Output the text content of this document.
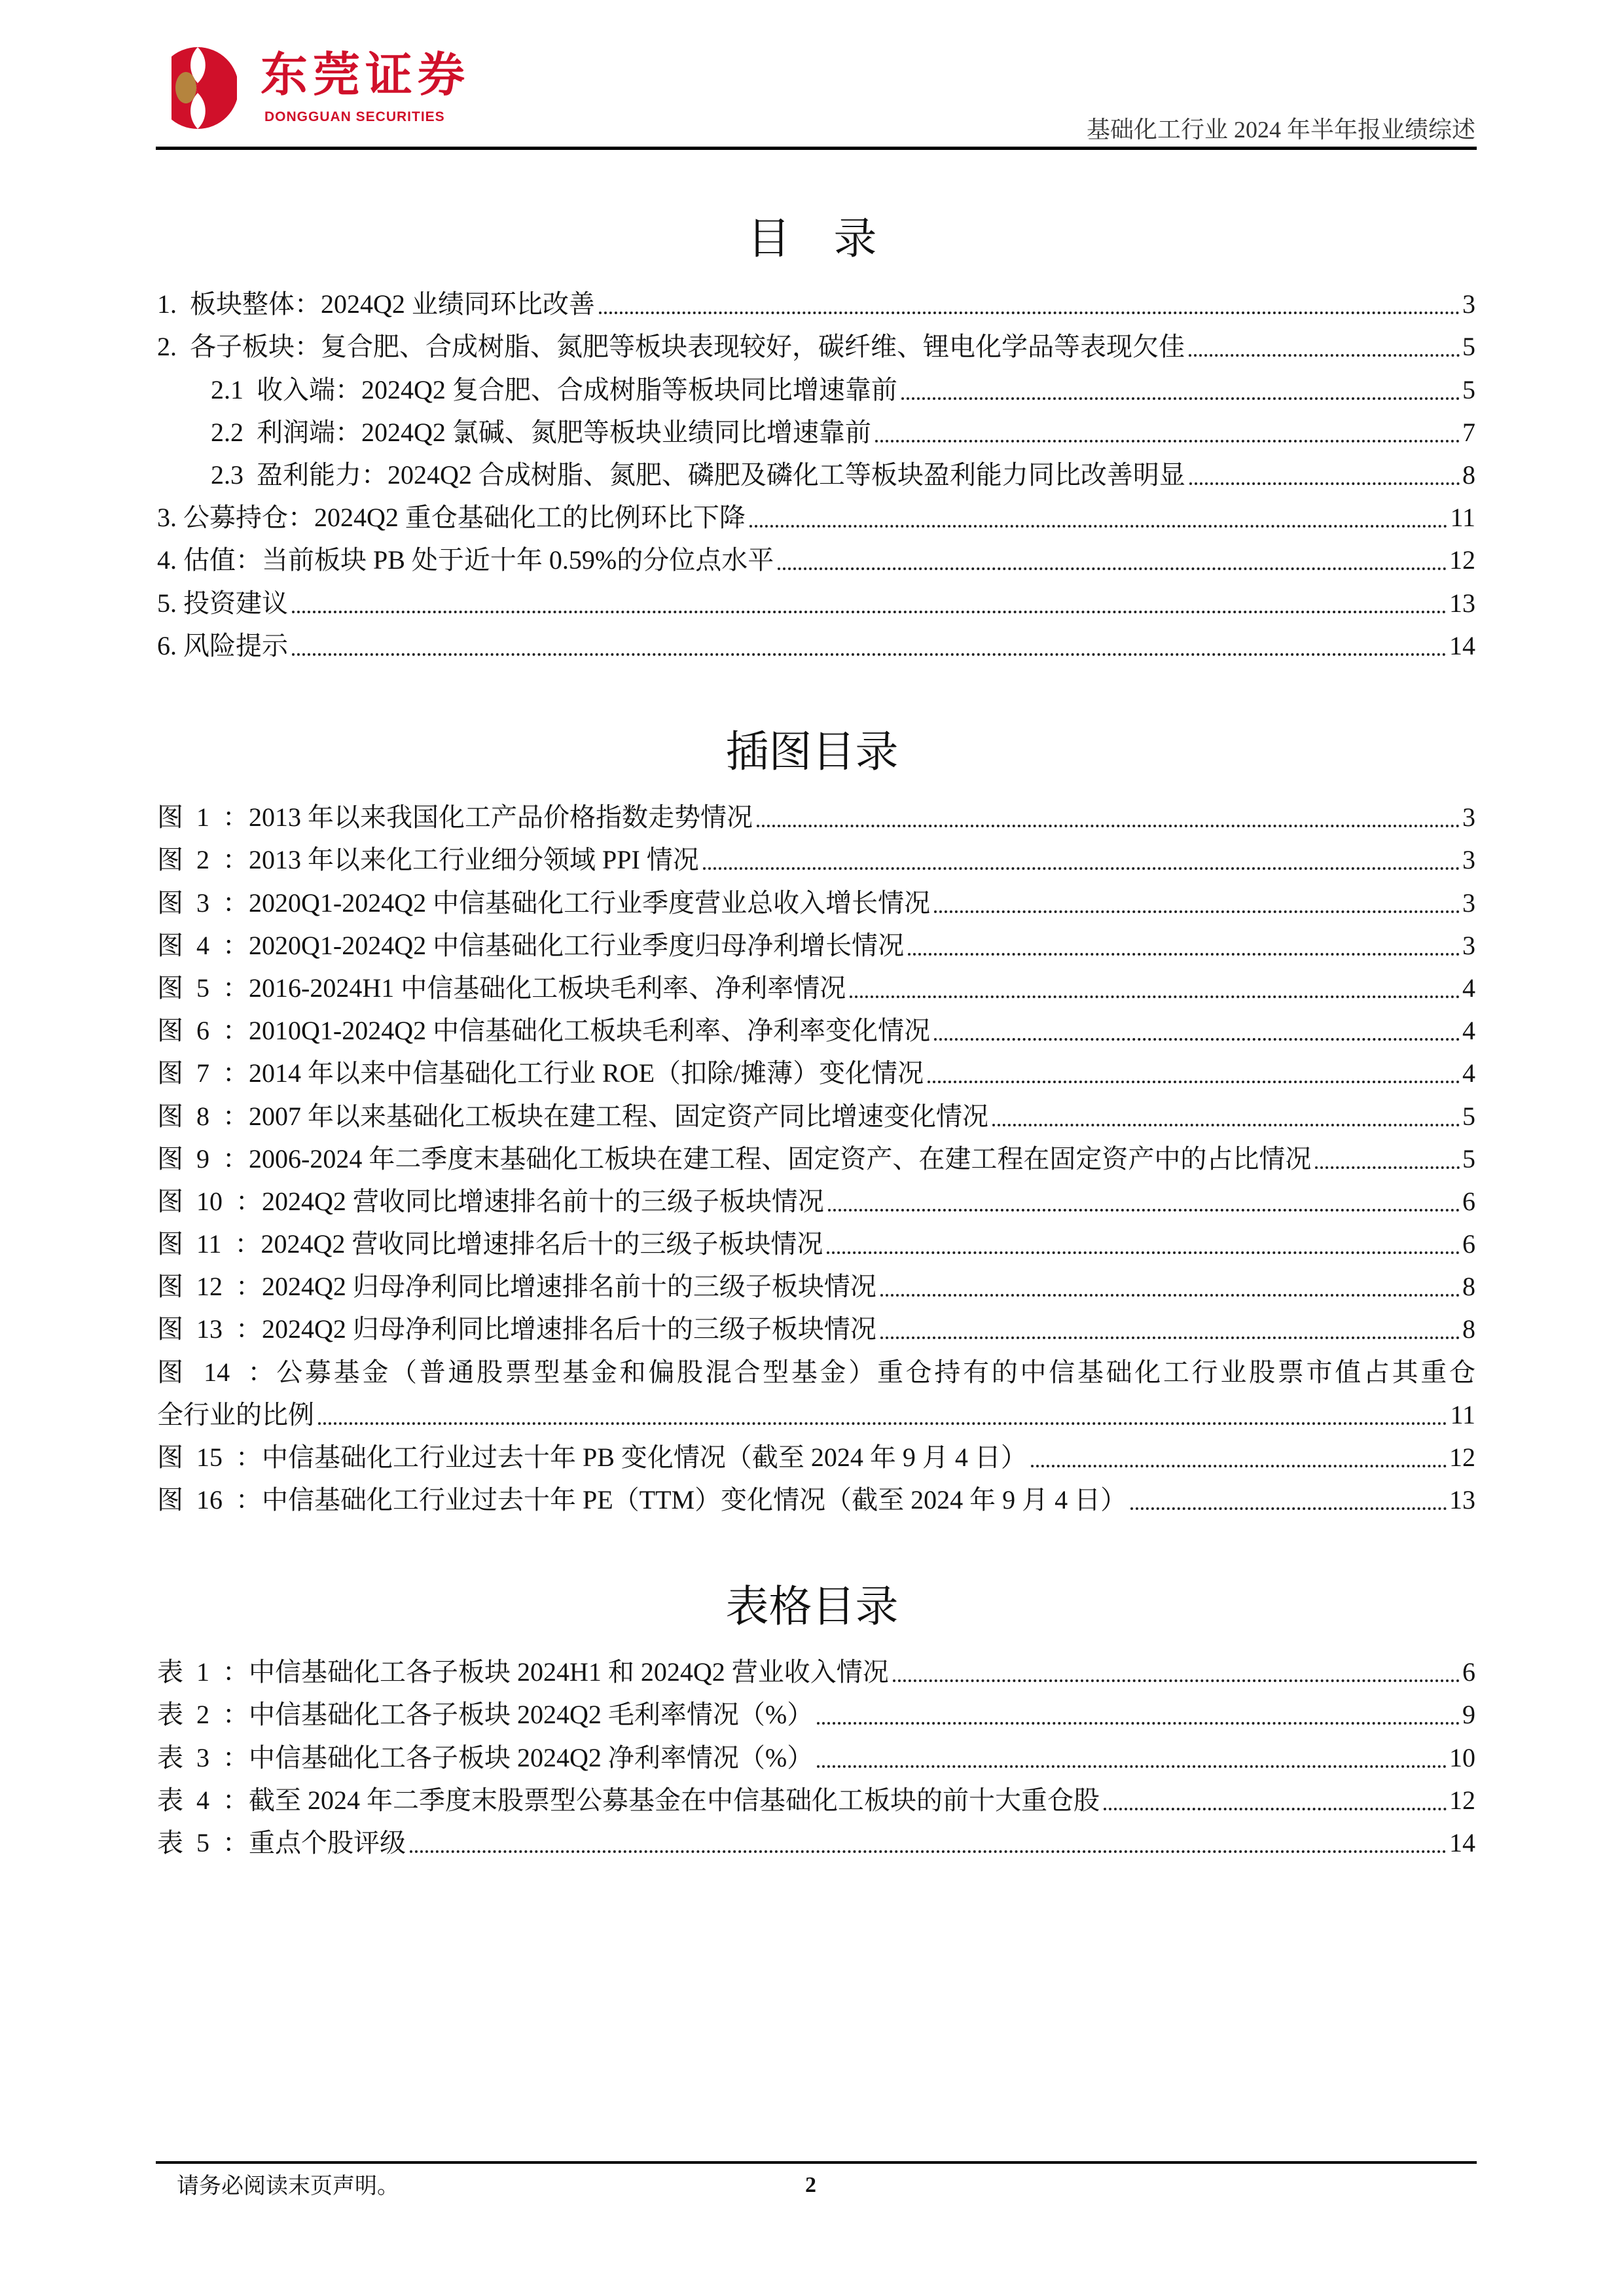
东莞证券
DONGGUAN SECURITIES	基础化工行业 2024 年半年报业绩综述
目　录
1.  板块整体：2024Q2 业绩同环比改善	3
2.  各子板块：复合肥、合成树脂、氮肥等板块表现较好，碳纤维、锂电化学品等表现欠佳	5
2.1  收入端：2024Q2 复合肥、合成树脂等板块同比增速靠前	5
2.2  利润端：2024Q2 氯碱、氮肥等板块业绩同比增速靠前	7
2.3  盈利能力：2024Q2 合成树脂、氮肥、磷肥及磷化工等板块盈利能力同比改善明显	8
3. 公募持仓：2024Q2 重仓基础化工的比例环比下降	11
4. 估值：当前板块 PB 处于近十年 0.59%的分位点水平	12
5. 投资建议	13
6. 风险提示	14
插图目录
图  1  ：2013 年以来我国化工产品价格指数走势情况	3
图  2  ：2013 年以来化工行业细分领域 PPI 情况	3
图  3  ：2020Q1-2024Q2 中信基础化工行业季度营业总收入增长情况	3
图  4  ：2020Q1-2024Q2 中信基础化工行业季度归母净利增长情况	3
图  5  ：2016-2024H1 中信基础化工板块毛利率、净利率情况	4
图  6  ：2010Q1-2024Q2 中信基础化工板块毛利率、净利率变化情况	4
图  7  ：2014 年以来中信基础化工行业 ROE（扣除/摊薄）变化情况	4
图  8  ：2007 年以来基础化工板块在建工程、固定资产同比增速变化情况	5
图  9  ：2006-2024 年二季度末基础化工板块在建工程、固定资产、在建工程在固定资产中的占比情况	5
图  10  ：2024Q2 营收同比增速排名前十的三级子板块情况	6
图  11  ：2024Q2 营收同比增速排名后十的三级子板块情况	6
图  12  ：2024Q2 归母净利同比增速排名前十的三级子板块情况	8
图  13  ：2024Q2 归母净利同比增速排名后十的三级子板块情况	8
图  14  ：公募基金（普通股票型基金和偏股混合型基金）重仓持有的中信基础化工行业股票市值占其重仓
全行业的比例	11
图  15  ：中信基础化工行业过去十年 PB 变化情况（截至 2024 年 9 月 4 日）	12
图  16  ：中信基础化工行业过去十年 PE（TTM）变化情况（截至 2024 年 9 月 4 日）	13
表格目录
表  1  ：中信基础化工各子板块 2024H1 和 2024Q2 营业收入情况	6
表  2  ：中信基础化工各子板块 2024Q2 毛利率情况（%）	9
表  3  ：中信基础化工各子板块 2024Q2 净利率情况（%）	10
表  4  ：截至 2024 年二季度末股票型公募基金在中信基础化工板块的前十大重仓股	12
表  5  ：重点个股评级	14
请务必阅读末页声明。	2
